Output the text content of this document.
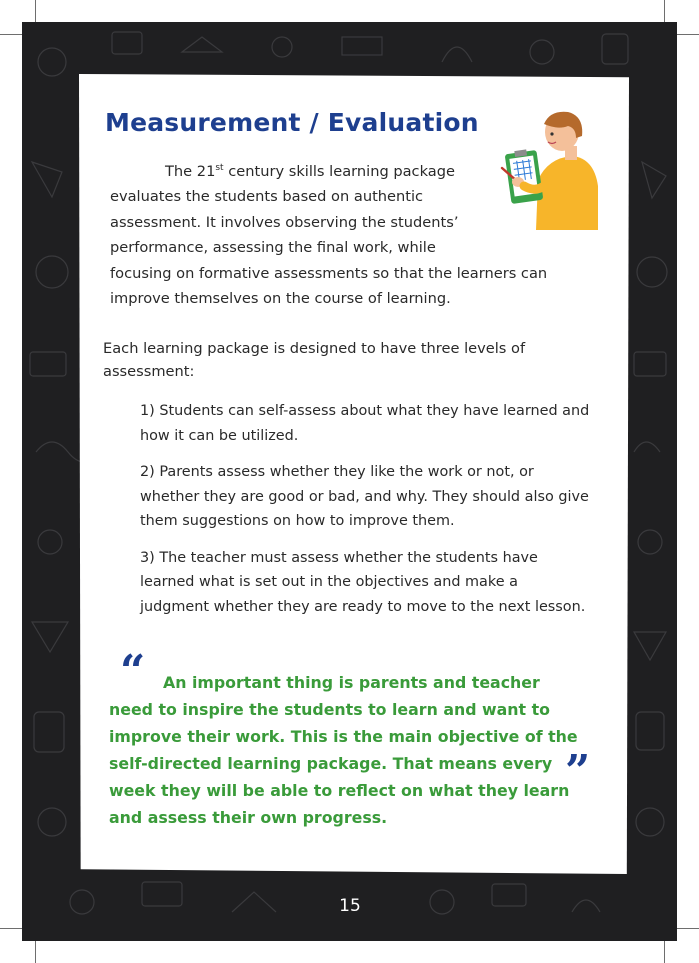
Measurement / Evaluation
The 21st century skills learning package
evaluates the students based on authentic
assessment. It involves observing the students’
performance, assessing the final work, while
focusing on formative assessments so that the learners can
improve themselves on the course of learning.
Each learning package is designed to have three levels of assessment:

1) Students can self-assess about what they have learned and how it can be utilized.

2) Parents assess whether they like the work or not, or whether they are good or bad, and why. They should also give them suggestions on how to improve them.

3) The teacher must assess whether the students have learned what is set out in the objectives and make a judgment whether they are ready to move to the next lesson.

“
”
An important thing is parents and teacher
need to inspire the students to learn and want to
improve their work. This is the main objective of the
self-directed learning package. That means every
week they will be able to reflect on what they learn
and assess their own progress.
15
